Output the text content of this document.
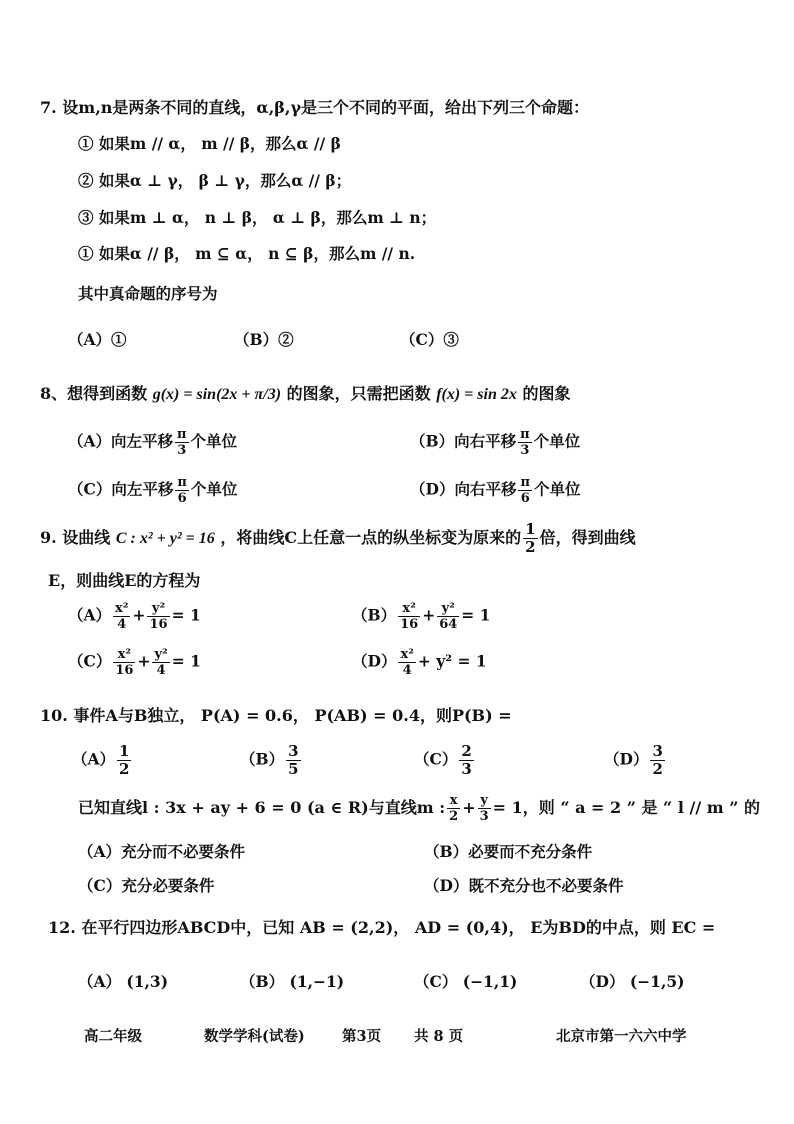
7. 设m,n是两条不同的直线，α,β,γ是三个不同的平面，给出下列三个命题：
① 如果m // α， m // β，那么α // β
② 如果α ⊥ γ， β ⊥ γ，那么α // β；
③ 如果m ⊥ α， n ⊥ β， α ⊥ β，那么m ⊥ n；
① 如果α // β， m ⊆ α， n ⊆ β，那么m // n.
其中真命题的序号为
（A）①	（B）②	（C）③
8、想得到函数 g(x) = sin(2x + π/3) 的图象，只需把函数 f(x) = sin 2x 的图象
（A）向左平移 $\frac{\pi}{3}$ 个单位	（B）向右平移 $\frac{\pi}{3}$ 个单位
（C）向左平移 $\frac{\pi}{6}$ 个单位	（D）向右平移 $\frac{\pi}{6}$ 个单位
9. 设曲线 C : x² + y² = 16 ，将曲线C上任意一点的纵坐标变为原来的 $\frac{1}{2}$ 倍，得到曲线
E，则曲线E的方程为
$(A) \frac{\text{x²}}{4} + \frac{\text{y²}}{16} = 1$	$(B) \frac{\text{x²}}{16} + \frac{\text{y²}}{64} = 1$
$(C) \frac{\text{x²}}{16} + \frac{\text{y²}}{4} = 1$	$(D) \frac{\text{x²}}{4} + y^2 = 1$
10. 事件A与B独立， P(A) = 0.6， P(AB) = 0.4，则P(B) =
$(A) \frac{1}{2}$	$(B) \frac{3}{5}$	$(C) \frac{2}{3}$	$(D) \frac{3}{2}$
已知直线l : 3x + ay + 6 = 0 (a ∈ R)与直线m : $\frac{x}{2} + \frac{y}{3} = 1$，则 “ a = 2 ” 是 “ l // m ” 的
（A）充分而不必要条件	（B）必要而不充分条件
（C）充分必要条件	（D）既不充分也不必要条件
12. 在平行四边形ABCD中，已知 AB = (2,2)， AD = (0,4)， E为BD的中点，则 EC =
（A） (1,3)	（B） (1,−1)	（C） (−1,1)	（D） (−1,5)
高二年级	数学学科(试卷)	第3页 共 8 页	北京市第一六六中学
